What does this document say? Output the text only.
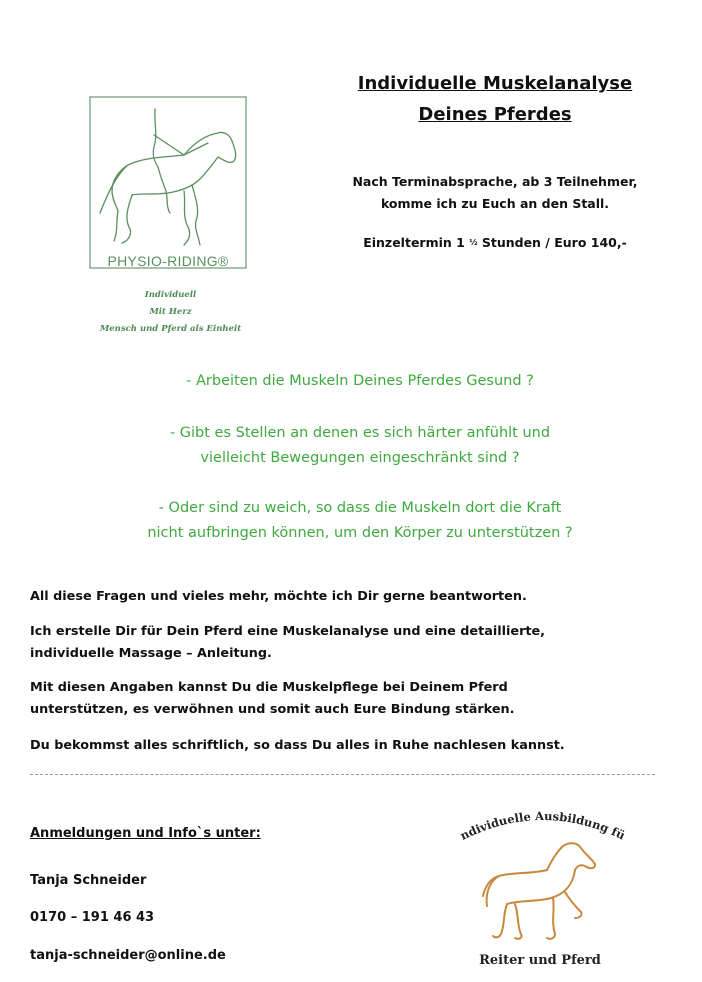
PHYSIO-RIDING®
Individuell
Mit Herz
Mensch und Pferd als Einheit
Individuelle Muskelanalyse
Deines Pferdes
Nach Terminabsprache, ab 3 Teilnehmer,
komme ich zu Euch an den Stall.
Einzeltermin 1 ½ Stunden / Euro 140,-
- Arbeiten die Muskeln Deines Pferdes Gesund ?
- Gibt es Stellen an denen es sich härter anfühlt und
vielleicht Bewegungen eingeschränkt sind ?
- Oder sind zu weich, so dass die Muskeln dort die Kraft
nicht aufbringen können, um den Körper zu unterstützen ?
All diese Fragen und vieles mehr, möchte ich Dir gerne beantworten.
Ich erstelle Dir für Dein Pferd eine Muskelanalyse und eine detaillierte,
individuelle Massage – Anleitung.
Mit diesen Angaben kannst Du die Muskelpflege bei Deinem Pferd
unterstützen, es verwöhnen und somit auch Eure Bindung stärken.
Du bekommst alles schriftlich, so dass Du alles in Ruhe nachlesen kannst.
Anmeldungen und Info`s unter:
Tanja Schneider
0170 – 191 46 43
tanja-schneider@online.de
ndividuelle Ausbildung fü
Reiter und Pferd
